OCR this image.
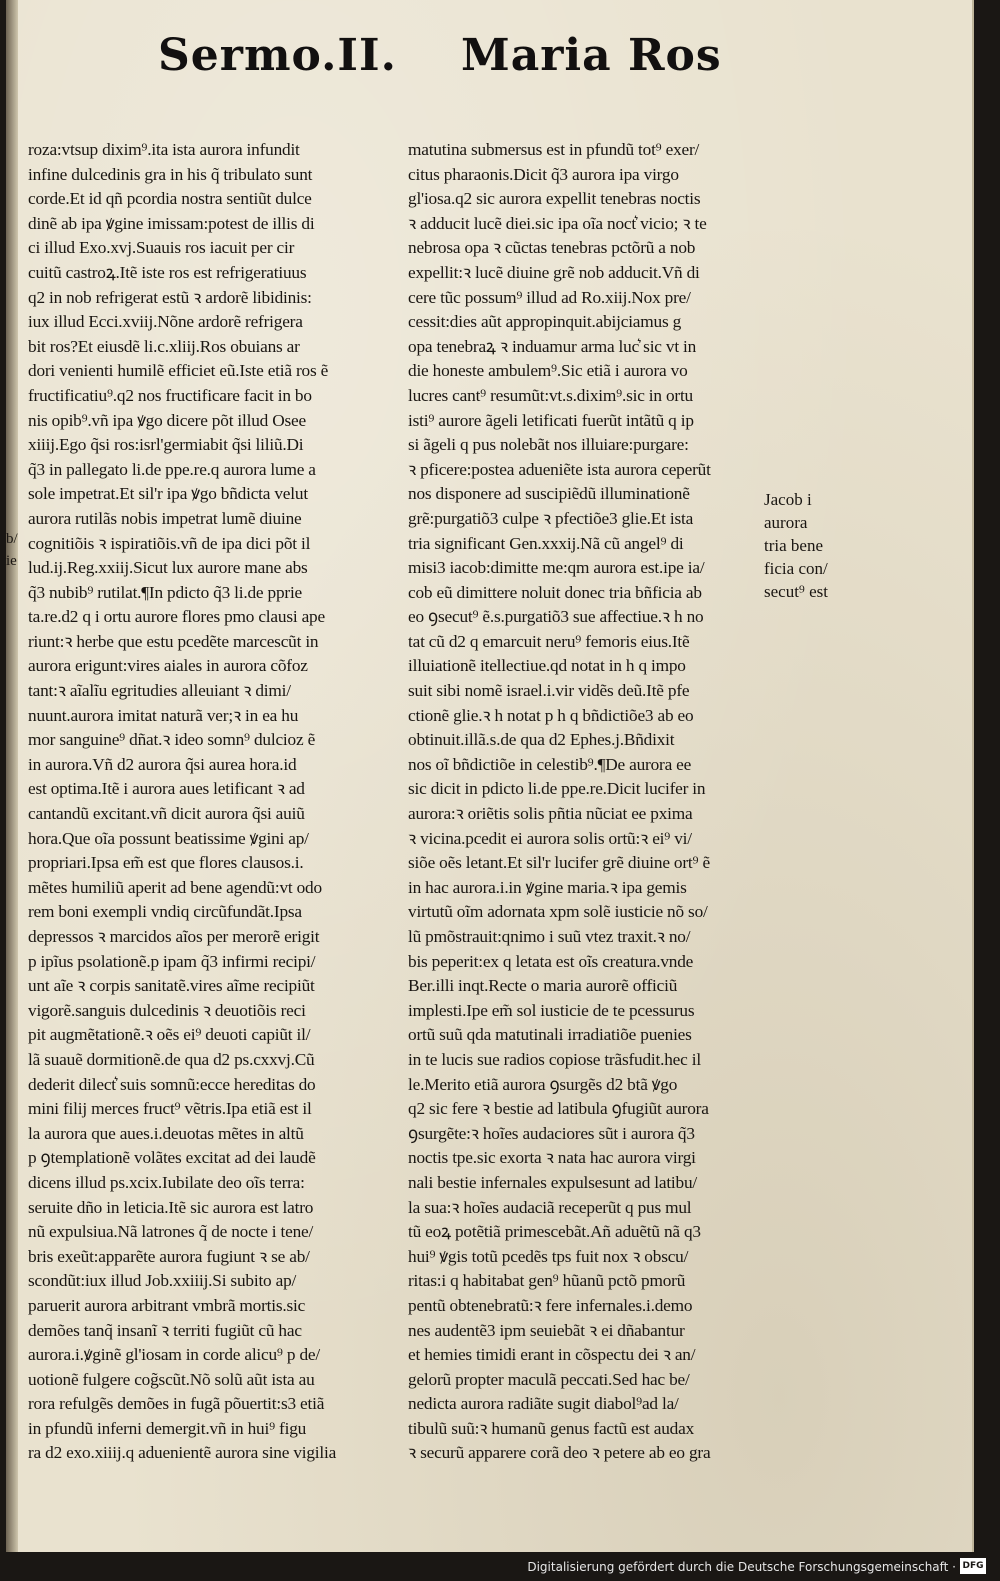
Sermo.II. Maria Ros
roza:vtsup dixim⁹.ita ista aurora infundit
infine dulcedinis gra in his q̃ tribulato sunt
corde.Et id qñ pcordia nostra sentiũt dulce
dinẽ ab ipa ꝟgine imissam:potest de illis di
ci illud Exo.xvj.Suauis ros iacuit per cir
cuitũ castroꝝ.Itẽ iste ros est refrigeratiuus
q2 in nob refrigerat estũ ꝛ ardorẽ libidinis:
iux illud Ecci.xviij.Nõne ardorẽ refrigera
bit ros?Et eiusdẽ li.c.xliij.Ros obuians ar
dori venienti humilẽ efficiet eũ.Iste etiã ros ẽ
fructificatiu⁹.q2 nos fructificare facit in bo
nis opib⁹.vñ ipa ꝟgo dicere põt illud Osee
xiiij.Ego q̃si ros:isrl'germiabit q̃si liliũ.Di
q̃3 in pallegato li.de ppe.re.q aurora lume a
sole impetrat.Et sil'r ipa ꝟgo bñdicta velut
aurora rutilãs nobis impetrat lumẽ diuine
cognitiõis ꝛ ispiratiõis.vñ de ipa dici põt il
lud.ij.Reg.xxiij.Sicut lux aurore mane abs
q̃3 nubib⁹ rutilat.¶In pdicto q̃3 li.de pprie
ta.re.d2 q i ortu aurore flores pmo clausi ape
riunt:ꝛ herbe que estu pcedẽte marcescũt in
aurora erigunt:vires aiales in aurora cõfoz
tant:ꝛ aĩalĩu egritudies alleuiant ꝛ dimi/
nuunt.aurora imitat naturã ver;ꝛ in ea hu
mor sanguine⁹ dñat.ꝛ ideo somn⁹ dulcioz ẽ
in aurora.Vñ d2 aurora q̃si aurea hora.id
est optima.Itẽ i aurora aues letificant ꝛ ad
cantandũ excitant.vñ dicit aurora q̃si auiũ
hora.Que oĩa possunt beatissime ꝟgini ap/
propriari.Ipsa em̃ est que flores clausos.i.
mẽtes humiliũ aperit ad bene agendũ:vt odo
rem boni exempli vndiq circũfundãt.Ipsa
depressos ꝛ marcidos aĩos per merorẽ erigit
p ipĩus psolationẽ.p ipam q̃3 infirmi recipi/
unt aĩe ꝛ corpis sanitatẽ.vires aĩme recipiũt
vigorẽ.sanguis dulcedinis ꝛ deuotiõis reci
pit augmẽtationẽ.ꝛ oẽs ei⁹ deuoti capiũt il/
lã suauẽ dormitionẽ.de qua d2 ps.cxxvj.Cũ
dederit dilect͛ suis somnũ:ecce hereditas do
mini filij merces fruct⁹ vẽtris.Ipa etiã est il
la aurora que aues.i.deuotas mẽtes in altũ
p ꝯtemplationẽ volãtes excitat ad dei laudẽ
dicens illud ps.xcix.Iubilate deo oĩs terra:
seruite dño in leticia.Itẽ sic aurora est latro
nũ expulsiua.Nã latrones q̃ de nocte i tene/
bris exeũt:apparẽte aurora fugiunt ꝛ se ab/
scondũt:iux illud Job.xxiiij.Si subito ap/
paruerit aurora arbitrant vmbrã mortis.sic
demões tanq̃ insanĩ ꝛ territi fugiũt cũ hac
aurora.i.ꝟginẽ gl'iosam in corde alicu⁹ p de/
uotionẽ fulgere cog̃scũt.Nõ solũ aũt ista au
rora refulgẽs demões in fugã põuertit:s3 etiã
in pfundũ inferni demergit.vñ in hui⁹ figu
ra d2 exo.xiiij.q aduenientẽ aurora sine vigilia
matutina submersus est in pfundũ tot⁹ exer/
citus pharaonis.Dicit q̃3 aurora ipa virgo
gl'iosa.q2 sic aurora expellit tenebras noctis
ꝛ adducit lucẽ diei.sic ipa oĩa noct͛ vicio; ꝛ te
nebrosa opa ꝛ cũctas tenebras pctõrũ a nob
expellit:ꝛ lucẽ diuine grẽ nob adducit.Vñ di
cere tũc possum⁹ illud ad Ro.xiij.Nox pre/
cessit:dies aũt appropinquit.abijciamus g
opa tenebraꝝ ꝛ induamur arma luc͛ sic vt in
die honeste ambulem⁹.Sic etiã i aurora vo
lucres cant⁹ resumũt:vt.s.dixim⁹.sic in ortu
isti⁹ aurore ãgeli letificati fuerũt intãtũ q ip
si ãgeli q pus nolebãt nos illuiare:purgare:
ꝛ pficere:postea adueniẽte ista aurora ceperũt
nos disponere ad suscipiẽdũ illuminationẽ
grẽ:purgatiõ3 culpe ꝛ pfectiõe3 glie.Et ista
tria significant Gen.xxxij.Nã cũ angel⁹ di
misi3 iacob:dimitte me:qm aurora est.ipe ia/
cob eũ dimittere noluit donec tria bñficia ab
eo ꝯsecut⁹ ẽ.s.purgatiõ3 sue affectiue.ꝛ h no
tat cũ d2 q emarcuit neru⁹ femoris eius.Itẽ
illuiationẽ itellectiue.qd notat in h q impo
suit sibi nomẽ israel.i.vir vidẽs deũ.Itẽ pfe
ctionẽ glie.ꝛ h notat p h q bñdictiõe3 ab eo
obtinuit.illã.s.de qua d2 Ephes.j.Bñdixit
nos oĩ bñdictiõe in celestib⁹.¶De aurora ee
sic dicit in pdicto li.de ppe.re.Dicit lucifer in
aurora:ꝛ oriẽtis solis pñtia nũciat ee pxima
ꝛ vicina.pcedit ei aurora solis ortũ:ꝛ ei⁹ vi/
siõe oẽs letant.Et sil'r lucifer grẽ diuine ort⁹ ẽ
in hac aurora.i.in ꝟgine maria.ꝛ ipa gemis
virtutũ oĩm adornata xpm solẽ iusticie nõ so/
lũ pmõstrauit:qnimo i suũ vtez traxit.ꝛ no/
bis peperit:ex q letata est oĩs creatura.vnde
Ber.illi inqt.Recte o maria aurorẽ officiũ
implesti.Ipe em̃ sol iusticie de te pcessurus
ortũ suũ qda matutinali irradiatiõe puenies
in te lucis sue radios copiose trãsfudit.hec il
le.Merito etiã aurora ꝯsurgẽs d2 btã ꝟgo
q2 sic fere ꝛ bestie ad latibula ꝯfugiũt aurora
ꝯsurgẽte:ꝛ hoĩes audaciores sũt i aurora q̃3
noctis tpe.sic exorta ꝛ nata hac aurora virgi
nali bestie infernales expulsesunt ad latibu/
la sua:ꝛ hoĩes audaciã receperũt q pus mul
tũ eoꝝ potẽtiã primescebãt.Añ aduẽtũ nã q3
hui⁹ ꝟgis totũ pcedẽs tps fuit nox ꝛ obscu/
ritas:i q habitabat gen⁹ hũanũ pctõ pmorũ
pentũ obtenebratũ:ꝛ fere infernales.i.demo
nes audentẽ3 ipm seuiebãt ꝛ ei dñabantur
et hemies timidi erant in cõspectu dei ꝛ an/
gelorũ propter maculã peccati.Sed hac be/
nedicta aurora radiãte sugit diabol⁹ad la/
tibulũ suũ:ꝛ humanũ genus factũ est audax
ꝛ securũ apparere corã deo ꝛ petere ab eo gra
Jacob i
aurora
tria bene
ficia con/
secut⁹ est
b/
ie
Digitalisierung gefördert durch die Deutsche Forschungsgemeinschaft · DFG
